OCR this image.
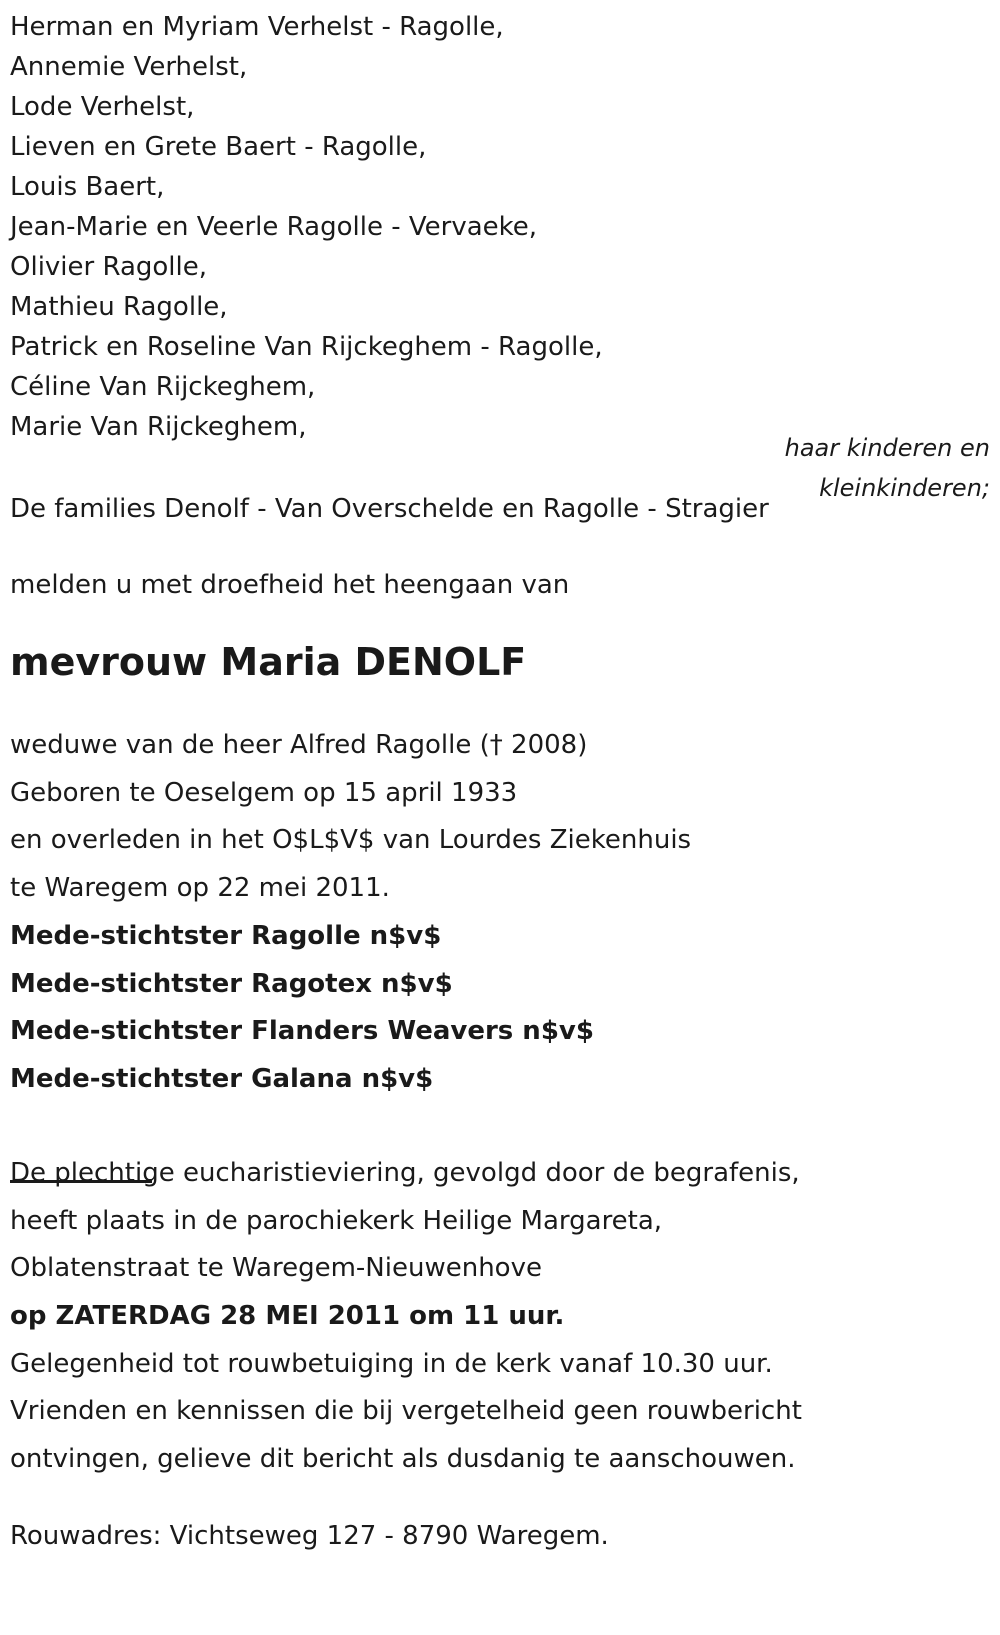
Herman en Myriam Verhelst - Ragolle,
Annemie Verhelst,
Lode Verhelst,
Lieven en Grete Baert - Ragolle,
Louis Baert,
Jean-Marie en Veerle Ragolle - Vervaeke,
Olivier Ragolle,
Mathieu Ragolle,
Patrick en Roseline Van Rijckeghem - Ragolle,
Céline Van Rijckeghem,
Marie Van Rijckeghem,
haar kinderen en
kleinkinderen;
De families Denolf - Van Overschelde en Ragolle - Stragier
melden u met droefheid het heengaan van
mevrouw Maria DENOLF
weduwe van de heer Alfred Ragolle († 2008)
Geboren te Oeselgem op 15 april 1933
en overleden in het O$L$V$ van Lourdes Ziekenhuis
te Waregem op 22 mei 2011.
Mede-stichtster Ragolle n$v$
Mede-stichtster Ragotex n$v$
Mede-stichtster Flanders Weavers n$v$
Mede-stichtster Galana n$v$
De plechtige eucharistieviering, gevolgd door de begrafenis,
heeft plaats in de parochiekerk Heilige Margareta,
Oblatenstraat te Waregem-Nieuwenhove
op ZATERDAG 28 MEI 2011 om 11 uur.
Gelegenheid tot rouwbetuiging in de kerk vanaf 10.30 uur.
Vrienden en kennissen die bij vergetelheid geen rouwbericht
ontvingen, gelieve dit bericht als dusdanig te aanschouwen.
Rouwadres: Vichtseweg 127 - 8790 Waregem.
